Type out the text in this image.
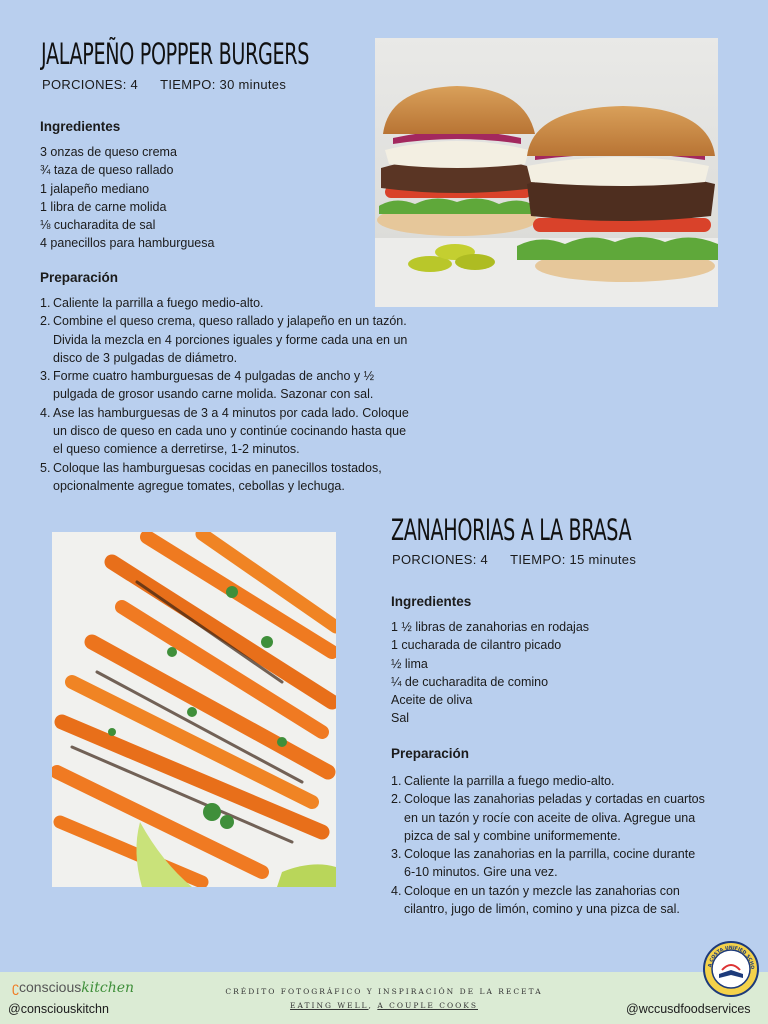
JALAPEÑO POPPER BURGERS
PORCIONES: 4 TIEMPO: 30 minutes
Ingredientes
3 onzas de queso crema
¾ taza de queso rallado
1 jalapeño mediano
1 libra de carne molida
⅛ cucharadita de sal
4 panecillos para hamburguesa
Preparación
1. Caliente la parrilla a fuego medio-alto.
2. Combine el queso crema, queso rallado y jalapeño en un tazón. Divida la mezcla en 4 porciones iguales y forme cada una en un disco de 3 pulgadas de diámetro.
3. Forme cuatro hamburguesas de 4 pulgadas de ancho y ½ pulgada de grosor usando carne molida. Sazonar con sal.
4. Ase las hamburguesas de 3 a 4 minutos por cada lado. Coloque un disco de queso en cada uno y continúe cocinando hasta que el queso comience a derretirse, 1-2 minutos.
5. Coloque las hamburguesas cocidas en panecillos tostados, opcionalmente agregue tomates, cebollas y lechuga.
ZANAHORIAS A LA BRASA
PORCIONES: 4 TIEMPO: 15 minutes
Ingredientes
1 ½ libras de zanahorias en rodajas
1 cucharada de cilantro picado
½ lima
¼ de cucharadita de comino
Aceite de oliva
Sal
Preparación
1. Caliente la parrilla a fuego medio-alto.
2. Coloque las zanahorias peladas y cortadas en cuartos en un tazón y rocíe con aceite de oliva. Agregue una pizca de sal y combine uniformemente.
3. Coloque las zanahorias en la parrilla, cocine durante 6-10 minutos. Gire una vez.
4. Coloque en un tazón y mezcle las zanahorias con cilantro, jugo de limón, comino y una pizca de sal.
ʗconsciouskitchen
@consciouskitchn
CRÉDITO FOTOGRÁFICO Y INSPIRACIÓN DE LA RECETA
EATING WELL, A COUPLE COOKS
A COSTA UNIFIED SCHO
@wccusdfoodservices
